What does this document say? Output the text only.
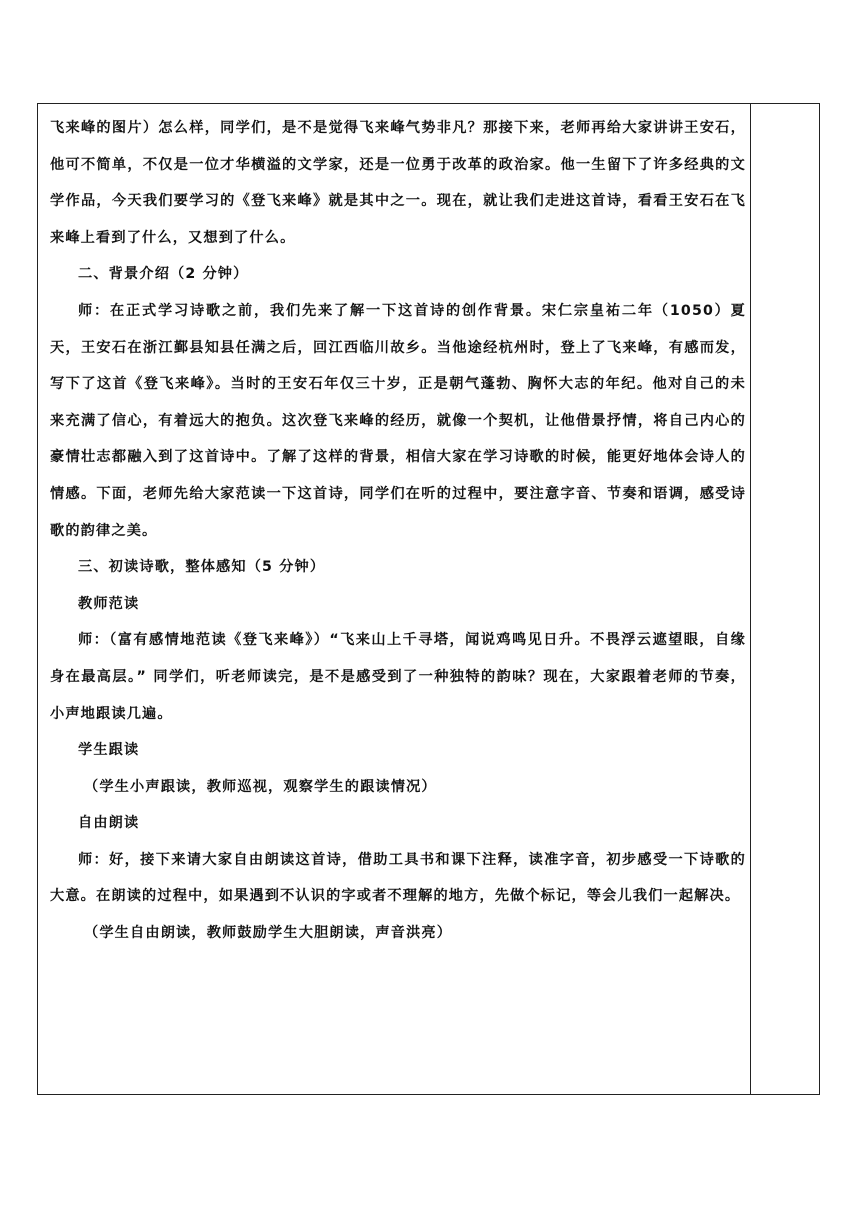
飞来峰的图片）怎么样，同学们，是不是觉得飞来峰气势非凡？那接下来，老师再给大家讲讲王安石，他可不简单，不仅是一位才华横溢的文学家，还是一位勇于改革的政治家。他一生留下了许多经典的文学作品，今天我们要学习的《登飞来峰》就是其中之一。现在，就让我们走进这首诗，看看王安石在飞来峰上看到了什么，又想到了什么。

二、背景介绍（2 分钟）

师：在正式学习诗歌之前，我们先来了解一下这首诗的创作背景。宋仁宗皇祐二年（1050）夏天，王安石在浙江鄞县知县任满之后，回江西临川故乡。当他途经杭州时，登上了飞来峰，有感而发，写下了这首《登飞来峰》。当时的王安石年仅三十岁，正是朝气蓬勃、胸怀大志的年纪。他对自己的未来充满了信心，有着远大的抱负。这次登飞来峰的经历，就像一个契机，让他借景抒情，将自己内心的豪情壮志都融入到了这首诗中。了解了这样的背景，相信大家在学习诗歌的时候，能更好地体会诗人的情感。下面，老师先给大家范读一下这首诗，同学们在听的过程中，要注意字音、节奏和语调，感受诗歌的韵律之美。

三、初读诗歌，整体感知（5 分钟）

教师范读

师：（富有感情地范读《登飞来峰》）“飞来山上千寻塔，闻说鸡鸣见日升。不畏浮云遮望眼，自缘身在最高层。” 同学们，听老师读完，是不是感受到了一种独特的韵味？现在，大家跟着老师的节奏，小声地跟读几遍。

学生跟读

（学生小声跟读，教师巡视，观察学生的跟读情况）

自由朗读

师：好，接下来请大家自由朗读这首诗，借助工具书和课下注释，读准字音，初步感受一下诗歌的大意。在朗读的过程中，如果遇到不认识的字或者不理解的地方，先做个标记，等会儿我们一起解决。

（学生自由朗读，教师鼓励学生大胆朗读，声音洪亮）
